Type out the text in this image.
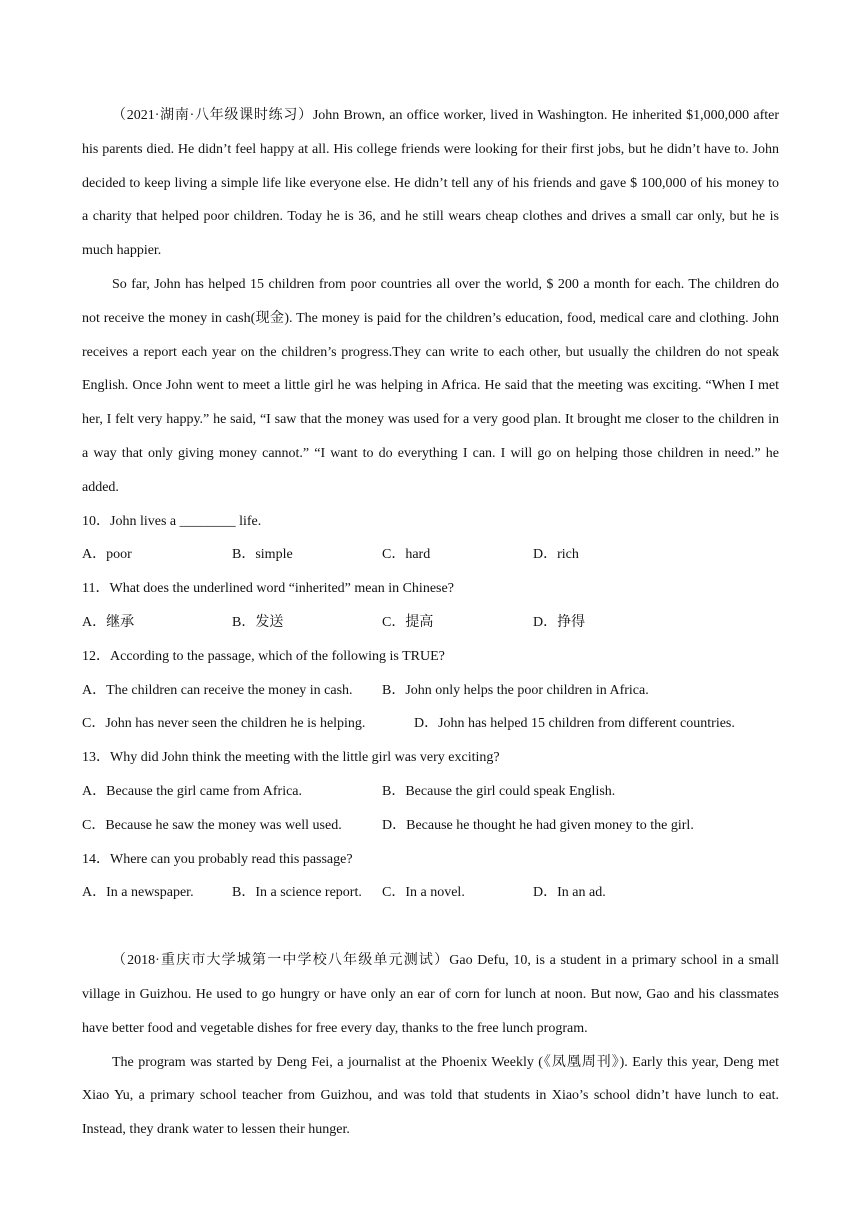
（2021·湖南·八年级课时练习）John Brown, an office worker, lived in Washington. He inherited $1,000,000 after his parents died. He didn’t feel happy at all. His college friends were looking for their first jobs, but he didn’t have to. John decided to keep living a simple life like everyone else. He didn’t tell any of his friends and gave $ 100,000 of his money to a charity that helped poor children. Today he is 36, and he still wears cheap clothes and drives a small car only, but he is much happier.

So far, John has helped 15 children from poor countries all over the world, $ 200 a month for each. The children do not receive the money in cash(现金). The money is paid for the children’s education, food, medical care and clothing. John receives a report each year on the children’s progress.They can write to each other, but usually the children do not speak English. Once John went to meet a little girl he was helping in Africa. He said that the meeting was exciting. “When I met her, I felt very happy.” he said, “I saw that the money was used for a very good plan. It brought me closer to the children in a way that only giving money cannot.” “I want to do everything I can. I will go on helping those children in need.” he added.

10．John lives a ________ life.

A．poor	B．simple	C．hard	D．rich

11．What does the underlined word “inherited” mean in Chinese?

A．继承	B．发送	C．提高	D．挣得

12．According to the passage, which of the following is TRUE?

A．The children can receive the money in cash. B．John only helps the poor children in Africa.
C．John has never seen the children he is helping.	D．John has helped 15 children from different countries.

13．Why did John think the meeting with the little girl was very exciting?

A．Because the girl came from Africa.	B．Because the girl could speak English.
C．Because he saw the money was well used.	D．Because he thought he had given money to the girl.

14．Where can you probably read this passage?

A．In a newspaper.	B．In a science report. C．In a novel.	D．In an ad.

（2018·重庆市大学城第一中学校八年级单元测试）Gao Defu, 10, is a student in a primary school in a small village in Guizhou. He used to go hungry or have only an ear of corn for lunch at noon. But now, Gao and his classmates have better food and vegetable dishes for free every day, thanks to the free lunch program.

The program was started by Deng Fei, a journalist at the Phoenix Weekly (《凤凰周刊》). Early this year, Deng met Xiao Yu, a primary school teacher from Guizhou, and was told that students in Xiao’s school didn’t have lunch to eat. Instead, they drank water to lessen their hunger.
